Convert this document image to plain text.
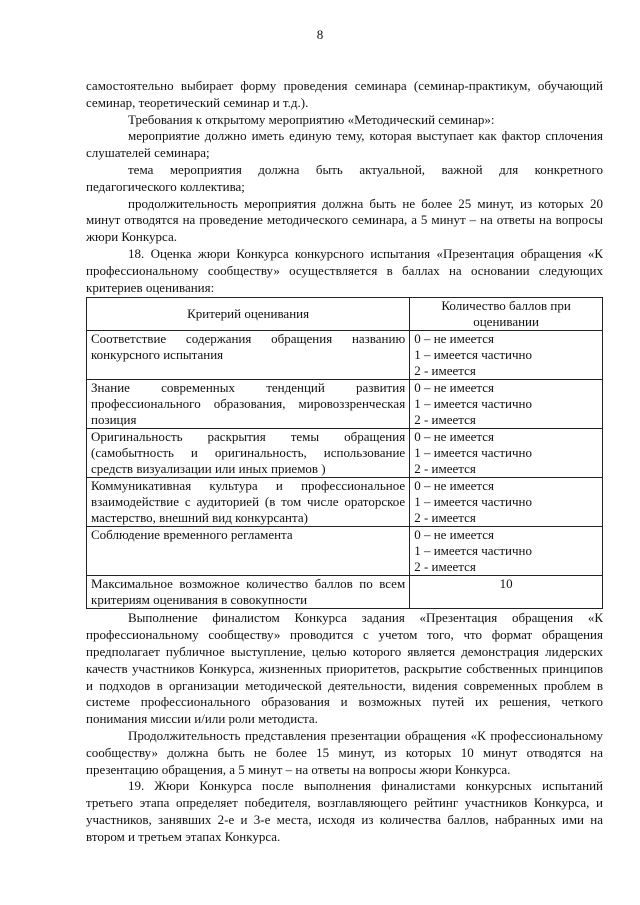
8

самостоятельно выбирает форму проведения семинара (семинар-практикум, обучающий семинар, теоретический семинар и т.д.).

Требования к открытому мероприятию «Методический семинар»:

мероприятие должно иметь единую тему, которая выступает как фактор сплочения слушателей семинара;

тема мероприятия должна быть актуальной, важной для конкретного педагогического коллектива;

продолжительность мероприятия должна быть не более 25 минут, из которых 20 минут отводятся на проведение методического семинара, а 5 минут – на ответы на вопросы жюри Конкурса.

18. Оценка жюри Конкурса конкурсного испытания «Презентация обращения «К профессиональному сообществу» осуществляется в баллах на основании следующих критериев оценивания:

Критерий оценивания	Количество баллов при оценивании
Соответствие содержания обращения названию конкурсного испытания	0 – не имеется
1 – имеется частично
2 - имеется

Знание современных тенденций развития профессионального образования, мировоззренческая позиция	0 – не имеется
1 – имеется частично
2 - имеется

Оригинальность раскрытия темы обращения (самобытность и оригинальность, использование средств визуализации или иных приемов )	0 – не имеется
1 – имеется частично
2 - имеется

Коммуникативная культура и профессиональное взаимодействие с аудиторией (в том числе ораторское мастерство, внешний вид конкурсанта)	0 – не имеется
1 – имеется частично
2 - имеется

Соблюдение временного регламента	0 – не имеется
1 – имеется частично
2 - имеется

Максимальное возможное количество баллов по всем критериям оценивания в совокупности	10

Выполнение финалистом Конкурса задания «Презентация обращения «К профессиональному сообществу» проводится с учетом того, что формат обращения предполагает публичное выступление, целью которого является демонстрация лидерских качеств участников Конкурса, жизненных приоритетов, раскрытие собственных принципов и подходов в организации методической деятельности, видения современных проблем в системе профессионального образования и возможных путей их решения, четкого понимания миссии и/или роли методиста.

Продолжительность представления презентации обращения «К профессиональному сообществу» должна быть не более 15 минут, из которых 10 минут отводятся на презентацию обращения, а 5 минут – на ответы на вопросы жюри Конкурса.

19. Жюри Конкурса после выполнения финалистами конкурсных испытаний третьего этапа определяет победителя, возглавляющего рейтинг участников Конкурса, и участников, занявших 2-е и 3-е места, исходя из количества баллов, набранных ими на втором и третьем этапах Конкурса.
